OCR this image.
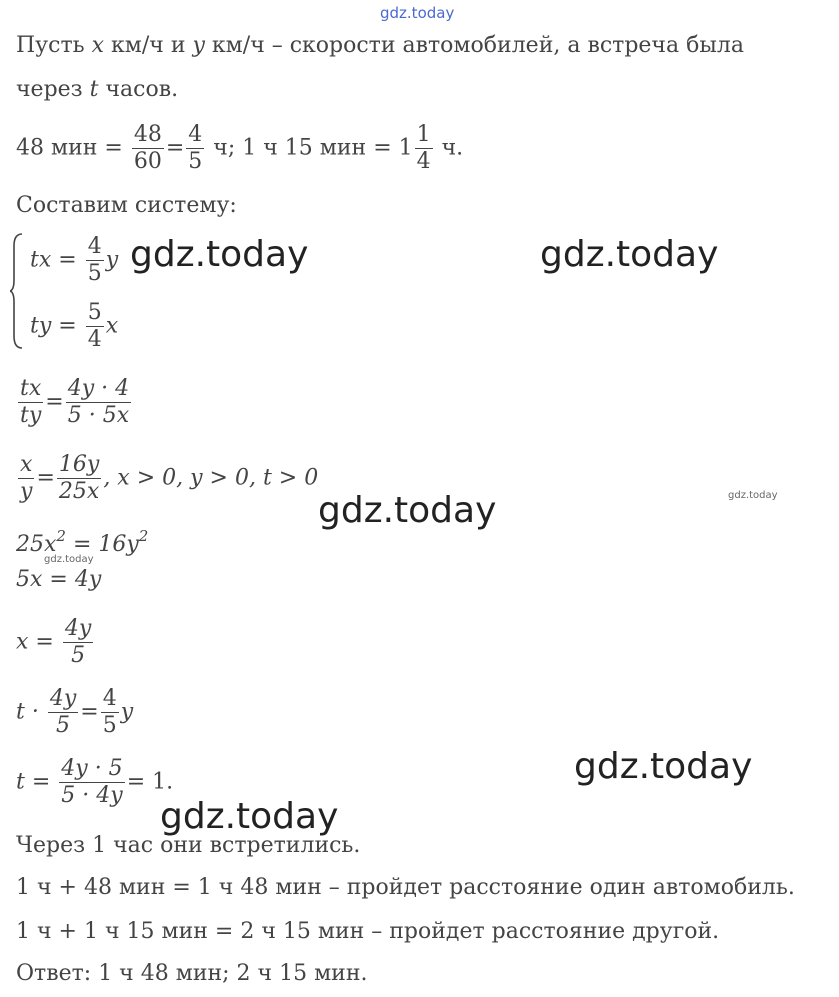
gdz.today
Пусть x км/ч и y км/ч – скорости автомобилей, а встреча была
через t часов.
48 мин = $\frac{48}{60} = \frac{4}{5} ч$; 1 ч 15 мин = $1 \frac{1}{4} ч$.
Составим систему:
tx = $\frac{4}{5}$ y
ty = $\frac{5}{4}$ x
$\frac{tx}{ty} = \frac{4y \cdot 4}{5 \cdot 5x}$
$\frac{x}{y} = \frac{16y}{25x}$ , x > 0, y > 0, t > 0
$25x^2 = 16y^2$
5x = 4y
$x = \frac{4y}{5}$
$t \cdot \frac{4y}{5} = \frac{4}{5}$ y
$t = \frac{4y \cdot 5}{5 \cdot 4y} = 1$.
Через 1 час они встретились.
1 ч + 48 мин = 1 ч 48 мин – пройдет расстояние один автомобиль.
1 ч + 1 ч 15 мин = 2 ч 15 мин – пройдет расстояние другой.
Ответ: 1 ч 48 мин; 2 ч 15 мин.
gdz.today	gdz.today
gdz.today
gdz.today
gdz.today
gdz.today
gdz.today
